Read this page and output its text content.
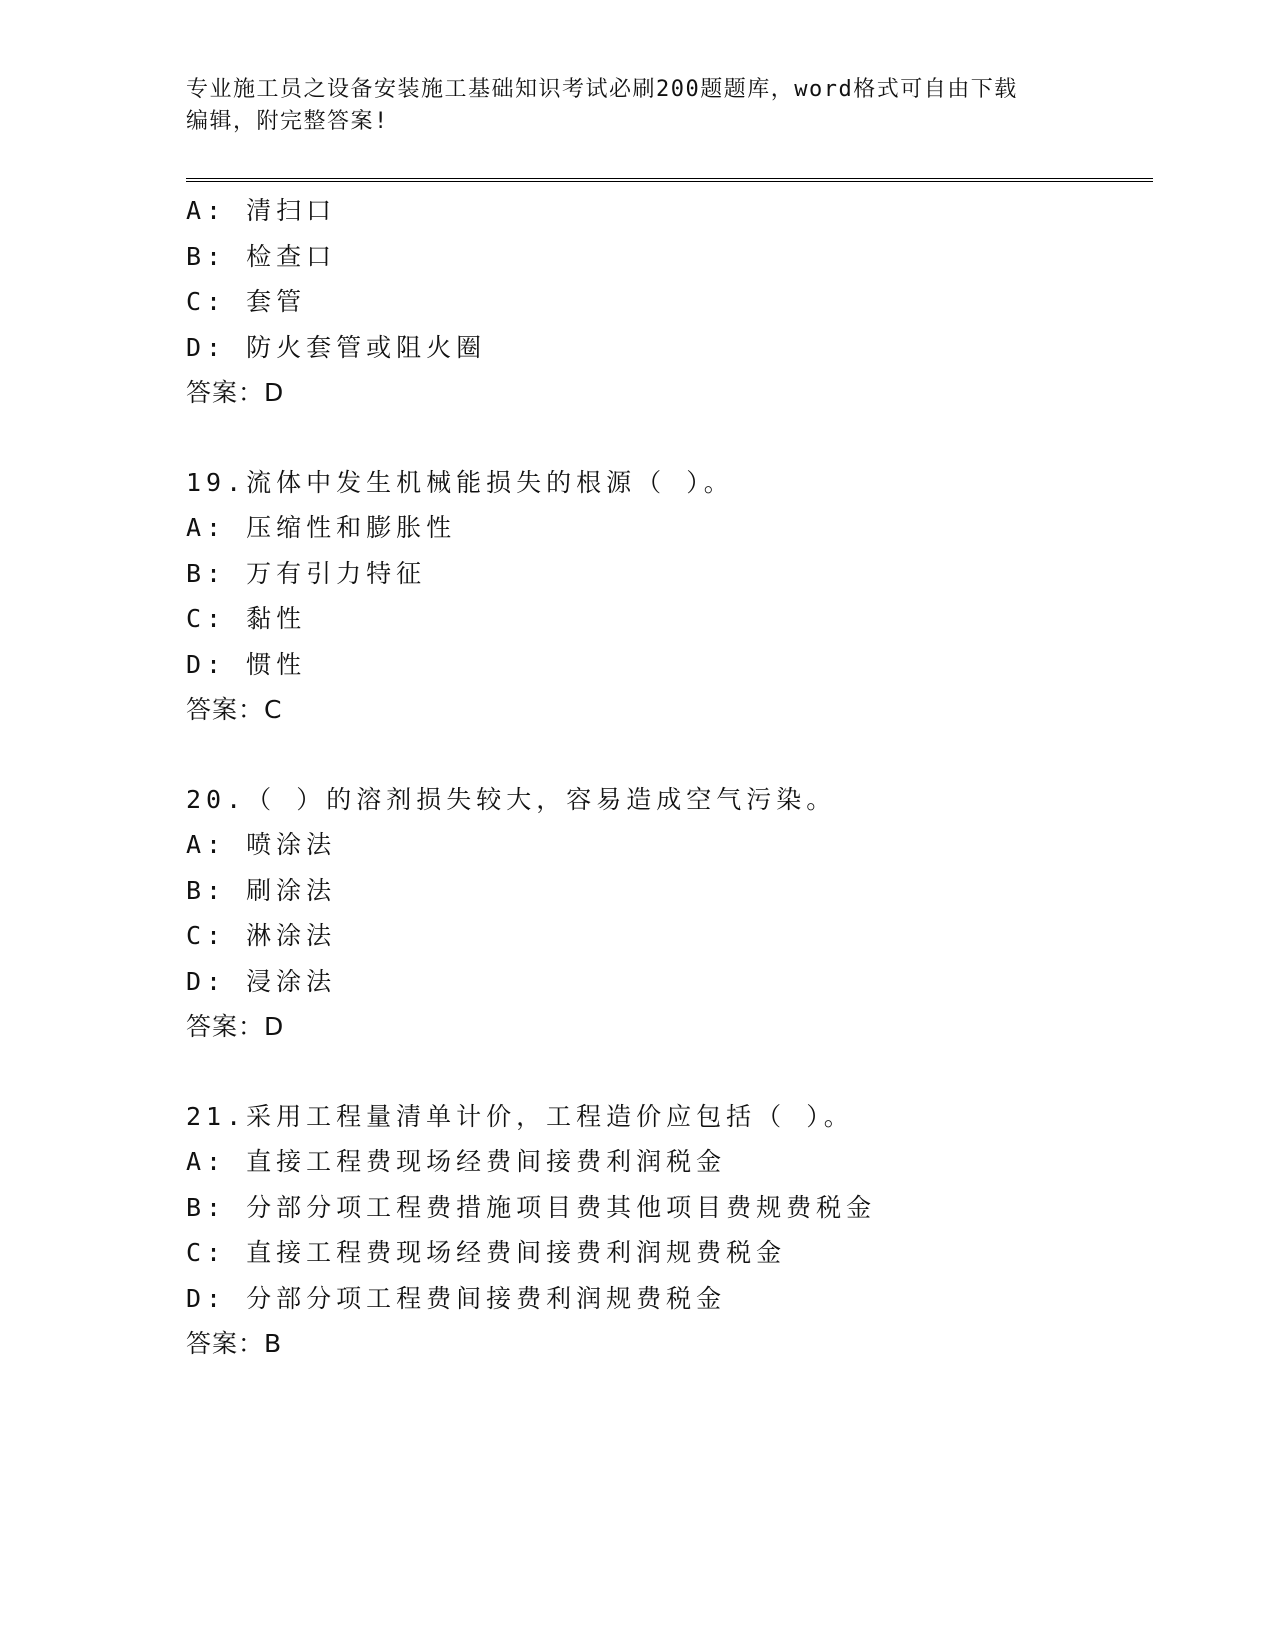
专业施工员之设备安装施工基础知识考试必刷200题题库，word格式可自由下载
编辑，附完整答案!
A: 清扫口
B: 检查口
C: 套管
D: 防火套管或阻火圈
答案：D
19.流体中发生机械能损失的根源（ ）。
A: 压缩性和膨胀性
B: 万有引力特征
C: 黏性
D: 惯性
答案：C
20.（ ）的溶剂损失较大，容易造成空气污染。
A: 喷涂法
B: 刷涂法
C: 淋涂法
D: 浸涂法
答案：D
21.采用工程量清单计价，工程造价应包括（ ）。
A: 直接工程费现场经费间接费利润税金
B: 分部分项工程费措施项目费其他项目费规费税金
C: 直接工程费现场经费间接费利润规费税金
D: 分部分项工程费间接费利润规费税金
答案：B
